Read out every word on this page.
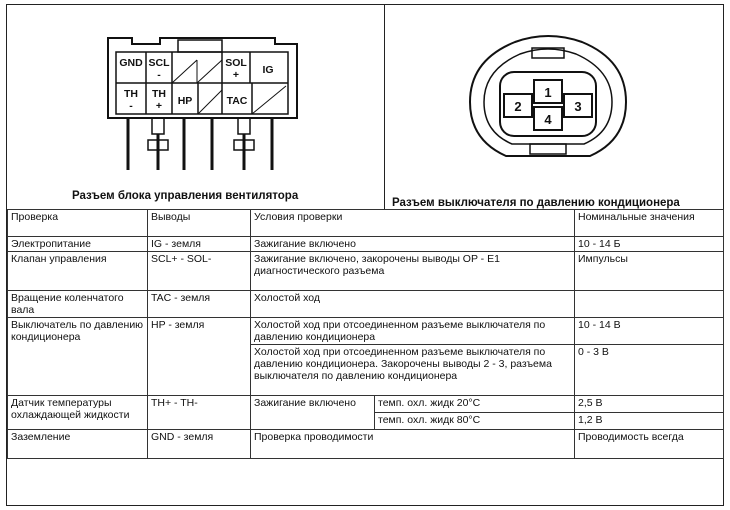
GND SCL
-
SOL
+ IG
TH
-
TH
+ HP	TAC
1
2	3
4
Разъем блока управления вентилятора
Разъем выключателя по давлению кондиционера
Проверка	Выводы	Условия проверки		Номинальные значения
Электропитание	IG - земля	Зажигание включено		10 - 14 Б
Клапан управления	SCL+ - SOL-	Зажигание включено, закорочены выводы OP - E1 диагностического разъема		Импульсы
Вращение коленчатого вала	TAC - земля	Холостой ход		
Выключатель по давлению кондиционера	HP - земля	Холостой ход при отсоединенном разъеме выключателя по давлению кондиционера		10 - 14 В
		Холостой ход при отсоединенном разъеме выключателя по давлению кондиционера. Закорочены выводы 2 - 3, разъема выключателя по давлению кондиционера		0 - 3 В
Датчик температуры охлаждающей жидкости	TH+ - TH-	Зажигание включено	темп. охл. жидк 20°С	2,5 В
			темп. охл. жидк 80°С	1,2 В
Заземление	GND - земля	Проверка проводимости		Проводимость всегда
